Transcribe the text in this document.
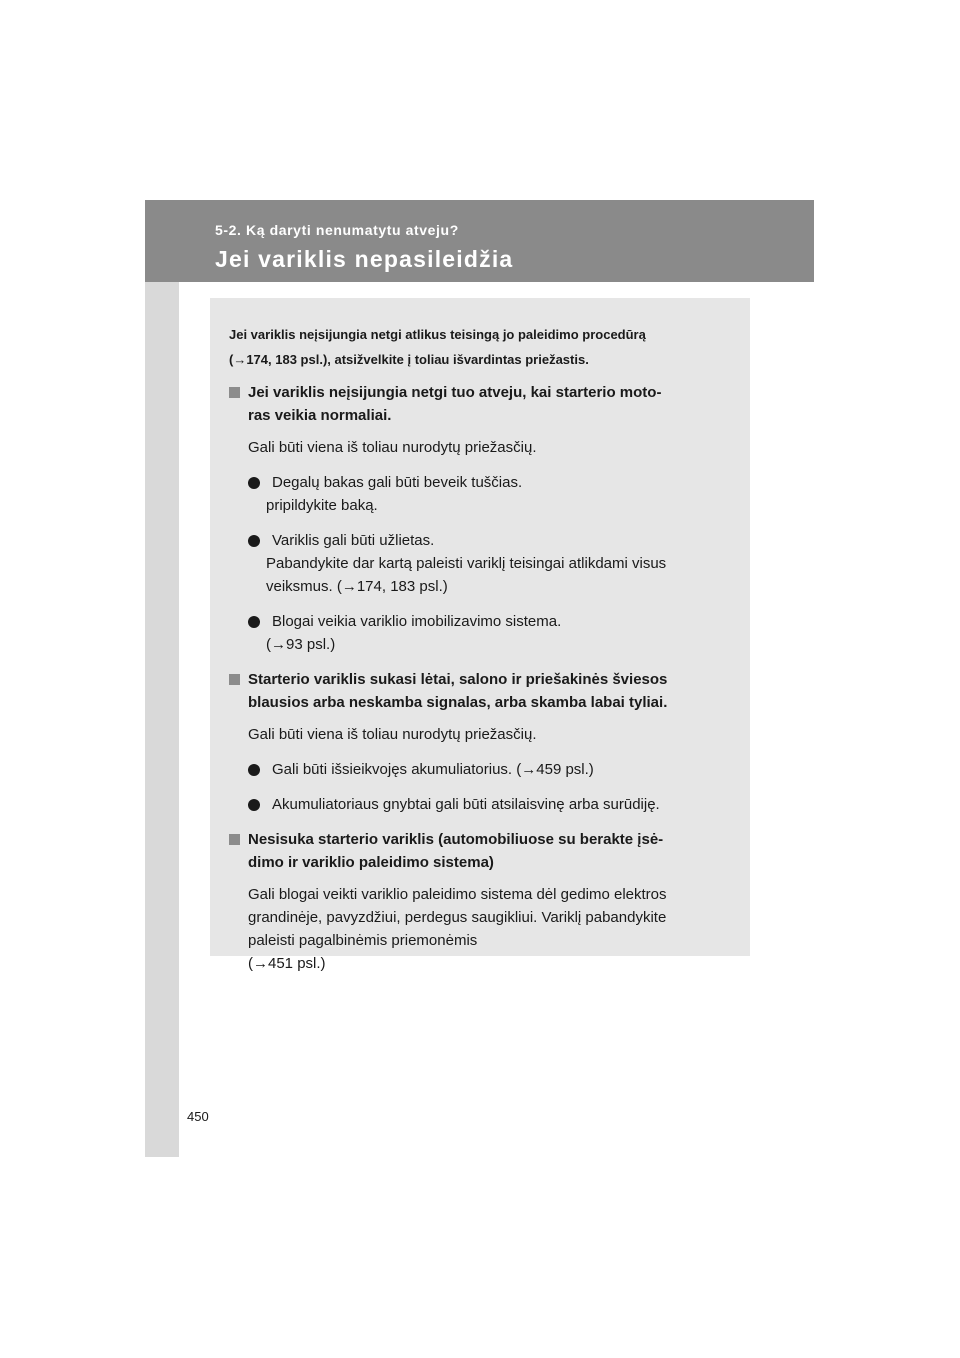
5-2. Ką daryti nenumatytu atveju?
Jei variklis nepasileidžia
Jei variklis neįsijungia netgi atlikus teisingą jo paleidimo procedūrą
(→174, 183 psl.), atsižvelkite į toliau išvardintas priežastis.
Jei variklis neįsijungia netgi tuo atveju, kai starterio moto-
ras veikia normaliai.
Gali būti viena iš toliau nurodytų priežasčių.
Degalų bakas gali būti beveik tuščias.
pripildykite baką.
Variklis gali būti užlietas.
Pabandykite dar kartą paleisti variklį teisingai atlikdami visus
veiksmus. (→174, 183 psl.)
Blogai veikia variklio imobilizavimo sistema.
(→93 psl.)
Starterio variklis sukasi lėtai, salono ir priešakinės šviesos
blausios arba neskamba signalas, arba skamba labai tyliai.
Gali būti viena iš toliau nurodytų priežasčių.
Gali būti išsieikvojęs akumuliatorius. (→459 psl.)
Akumuliatoriaus gnybtai gali būti atsilaisvinę arba surūdiję.
Nesisuka starterio variklis (automobiliuose su berakte įsė-
dimo ir variklio paleidimo sistema)
Gali blogai veikti variklio paleidimo sistema dėl gedimo elektros
grandinėje, pavyzdžiui, perdegus saugikliui. Variklį pabandykite
paleisti pagalbinėmis priemonėmis
(→451 psl.)
450
